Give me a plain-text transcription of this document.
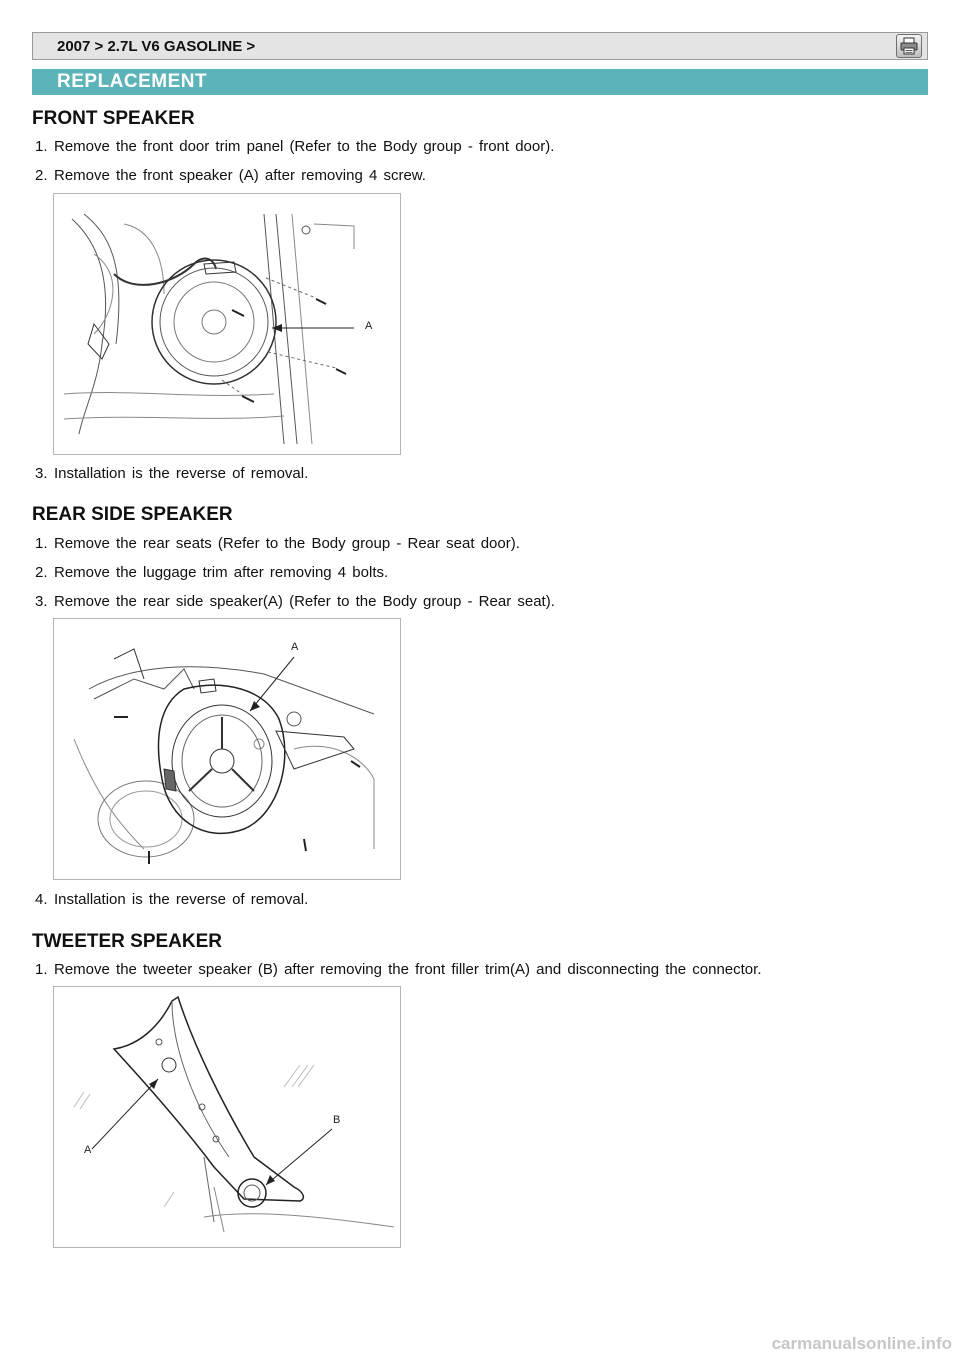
2007 > 2.7L V6 GASOLINE >
REPLACEMENT
FRONT SPEAKER
1. Remove the front door trim panel (Refer to the Body group - front door).
2. Remove the front speaker (A) after removing 4 screw.
A
3. Installation is the reverse of removal.
REAR SIDE SPEAKER
1. Remove the rear seats (Refer to the Body group - Rear seat door).
2. Remove the luggage trim after removing 4 bolts.
3. Remove the rear side speaker(A) (Refer to the Body group - Rear seat).
A
4. Installation is the reverse of removal.
TWEETER SPEAKER
1. Remove the tweeter speaker (B) after removing the front filler trim(A) and disconnecting the connector.
A
B
carmanualsonline.info
